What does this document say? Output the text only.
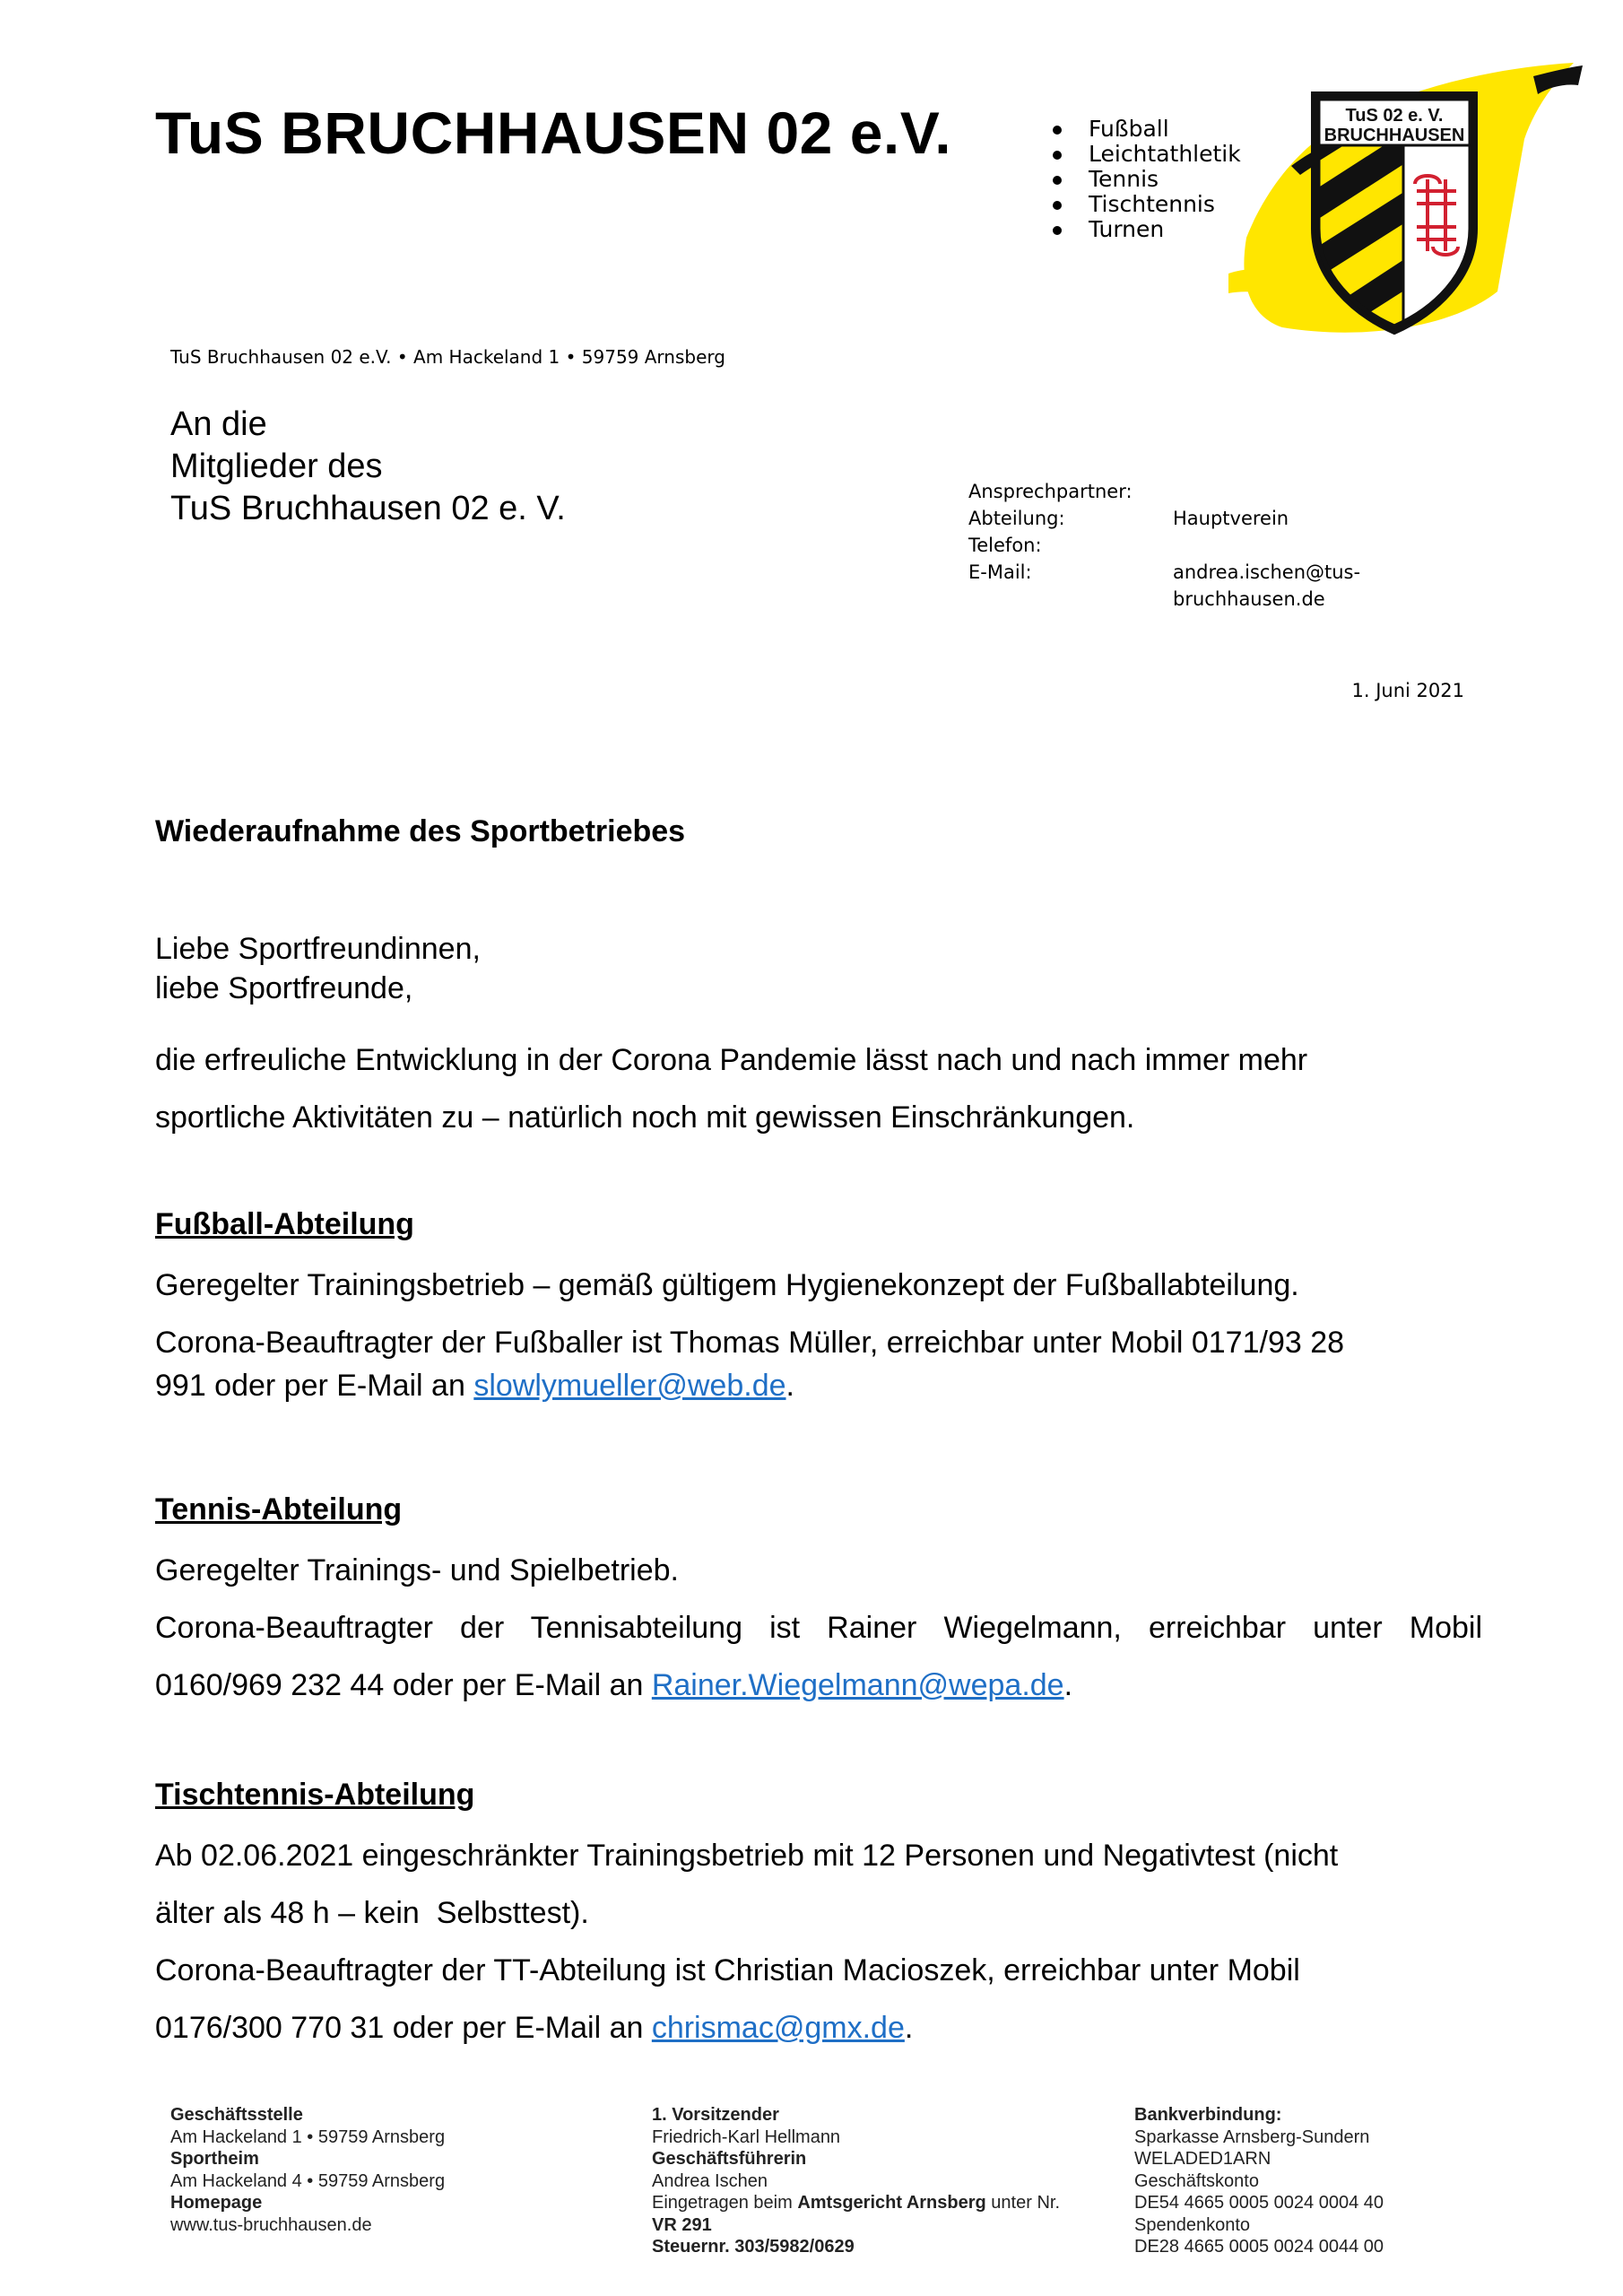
TuS BRUCHHAUSEN 02 e.V.	Fußball
Leichtathletik
Tennis
Tischtennis
Turnen
TuS 02 e. V.
BRUCHHAUSEN
TuS Bruchhausen 02 e.V. • Am Hackeland 1 • 59759 Arnsberg
An die
Mitglieder des
TuS Bruchhausen 02 e. V.	Ansprechpartner:
Abteilung:	Hauptverein
Telefon:
E-Mail:	andrea.ischen@tus-
bruchhausen.de
1. Juni 2021
Wiederaufnahme des Sportbetriebes
Liebe Sportfreundinnen,
liebe Sportfreunde,
die erfreuliche Entwicklung in der Corona Pandemie lässt nach und nach immer mehr
sportliche Aktivitäten zu – natürlich noch mit gewissen Einschränkungen.
Fußball-Abteilung
Geregelter Trainingsbetrieb – gemäß gültigem Hygienekonzept der Fußballabteilung.
Corona-Beauftragter der Fußballer ist Thomas Müller, erreichbar unter Mobil 0171/93 28
991 oder per E-Mail an slowlymueller@web.de.
Tennis-Abteilung
Geregelter Trainings- und Spielbetrieb.
Corona-Beauftragter der Tennisabteilung ist Rainer Wiegelmann, erreichbar unter Mobil
0160/969 232 44 oder per E-Mail an Rainer.Wiegelmann@wepa.de.
Tischtennis-Abteilung
Ab 02.06.2021 eingeschränkter Trainingsbetrieb mit 12 Personen und Negativtest (nicht
älter als 48 h – kein  Selbsttest).
Corona-Beauftragter der TT-Abteilung ist Christian Macioszek, erreichbar unter Mobil
0176/300 770 31 oder per E-Mail an chrismac@gmx.de.
Geschäftsstelle
Am Hackeland 1 • 59759 Arnsberg
Sportheim
Am Hackeland 4 • 59759 Arnsberg
Homepage
www.tus-bruchhausen.de
1. Vorsitzender
Friedrich-Karl Hellmann
Geschäftsführerin
Andrea Ischen
Eingetragen beim Amtsgericht Arnsberg unter Nr.
VR 291
Steuernr. 303/5982/0629
Bankverbindung:
Sparkasse Arnsberg-Sundern
WELADED1ARN
Geschäftskonto
DE54 4665 0005 0024 0004 40
Spendenkonto
DE28 4665 0005 0024 0044 00
